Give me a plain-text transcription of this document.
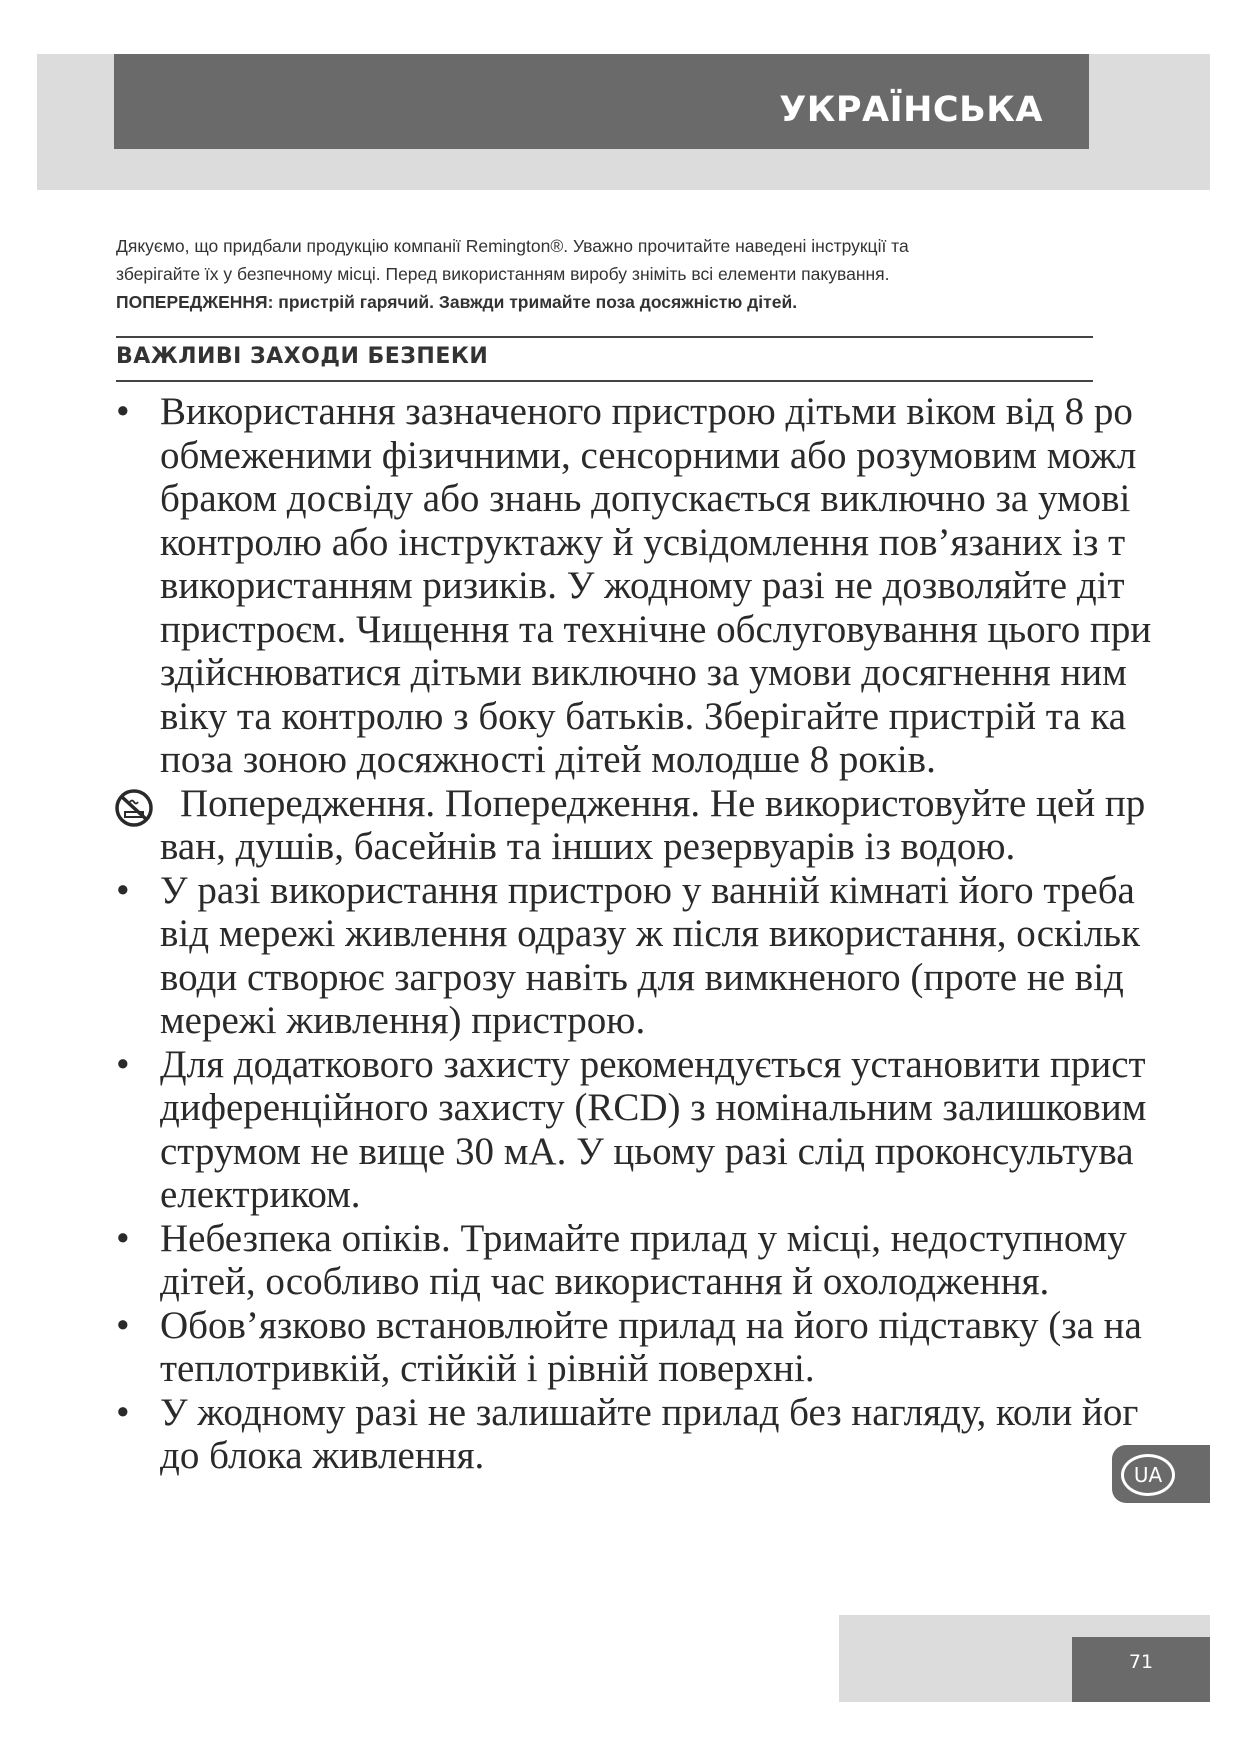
УКРАЇНСЬКА

Дякуємо, що придбали продукцію компанії Remington®. Уважно прочитайте наведені інструкції та

зберігайте їх у безпечному місці. Перед використанням виробу зніміть всі елементи пакування.

ПОПЕРЕДЖЕННЯ: пристрій гарячий. Завжди тримайте поза досяжністю дітей.

ВАЖЛИВІ ЗАХОДИ БЕЗПЕКИ
• Використання зазначеного пристрою дітьми віком від 8 ро
обмеженими фізичними, сенсорними або розумовим можл
браком досвіду або знань допускається виключно за умові
контролю або інструктажу й усвідомлення пов’язаних із т
використанням ризиків. У жодному разі не дозволяйте діт
пристроєм. Чищення та технічне обслуговування цього при
здійснюватися дітьми виключно за умови досягнення ним
віку та контролю з боку батьків. Зберігайте пристрій та ка
поза зоною досяжності дітей молодше 8 років.
Попередження. Попередження. Не використовуйте цей пр
ван, душів, басейнів та інших резервуарів із водою.
• У разі використання пристрою у ванній кімнаті його треба
від мережі живлення одразу ж після використання, оскільк
води створює загрозу навіть для вимкненого (проте не від
мережі живлення) пристрою.
• Для додаткового захисту рекомендується установити прист
диференційного захисту (RCD) з номінальним залишковим
струмом не вище 30 мА. У цьому разі слід проконсультува
електриком.
• Небезпека опіків. Тримайте прилад у місці, недоступному
дітей, особливо під час використання й охолодження.
• Обов’язково встановлюйте прилад на його підставку (за на
теплотривкій, стійкій і рівній поверхні.
• У жодному разі не залишайте прилад без нагляду, коли йог
до блока живлення.	UA
71
